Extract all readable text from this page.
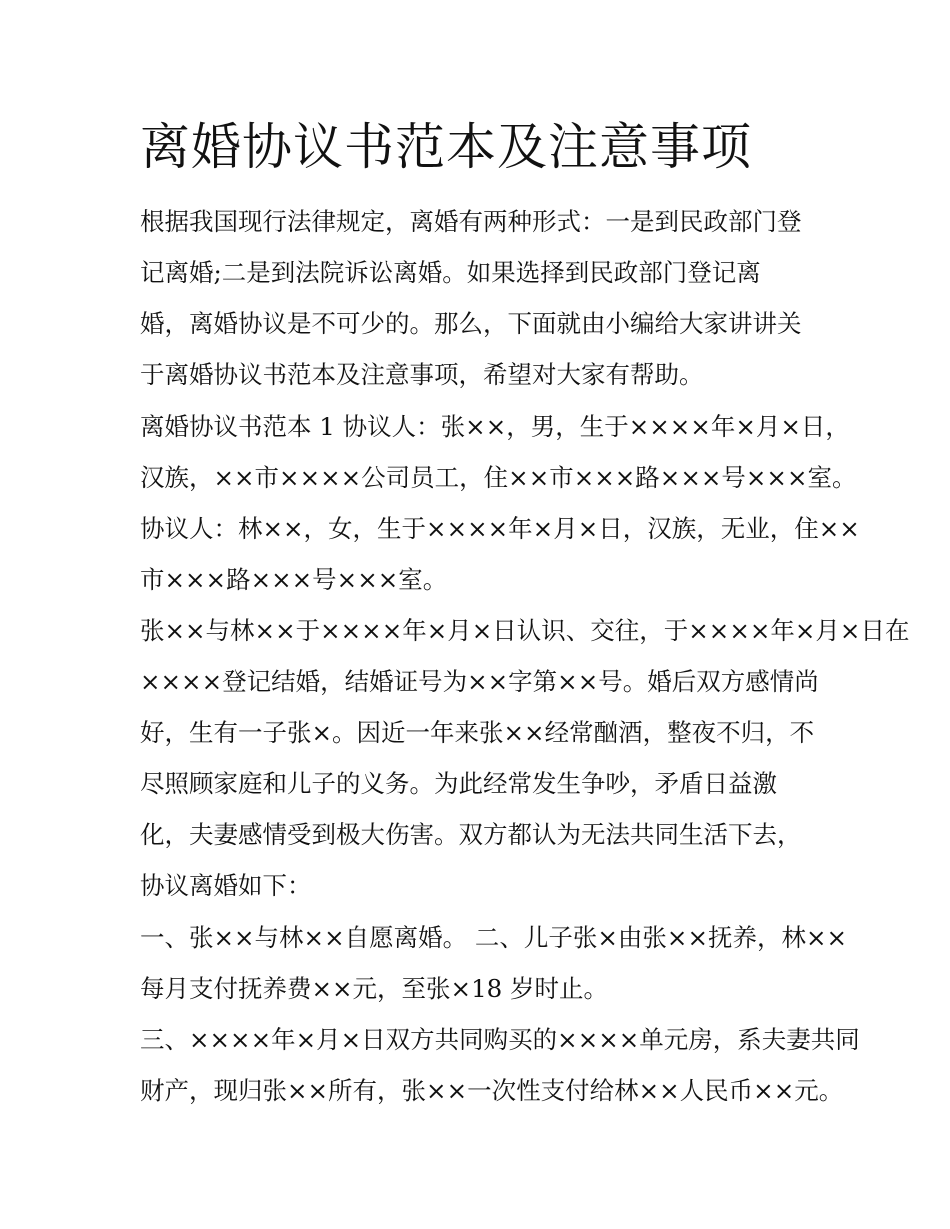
离婚协议书范本及注意事项

根据我国现行法律规定，离婚有两种形式：一是到民政部门登

记离婚;二是到法院诉讼离婚。如果选择到民政部门登记离

婚，离婚协议是不可少的。那么，下面就由小编给大家讲讲关

于离婚协议书范本及注意事项，希望对大家有帮助。

离婚协议书范本 1 协议人：张××，男，生于××××年×月×日，

汉族，××市××××公司员工，住××市×××路×××号×××室。

协议人：林××，女，生于××××年×月×日，汉族，无业，住××

市×××路×××号×××室。

张××与林××于××××年×月×日认识、交往，于××××年×月×日在

××××登记结婚，结婚证号为××字第××号。婚后双方感情尚

好，生有一子张×。因近一年来张××经常酗酒，整夜不归，不

尽照顾家庭和儿子的义务。为此经常发生争吵，矛盾日益激

化，夫妻感情受到极大伤害。双方都认为无法共同生活下去，

协议离婚如下：

一、张××与林××自愿离婚。 二、儿子张×由张××抚养，林××

每月支付抚养费××元，至张×18 岁时止。

三、××××年×月×日双方共同购买的××××单元房，系夫妻共同

财产，现归张××所有，张××一次性支付给林××人民币××元。
